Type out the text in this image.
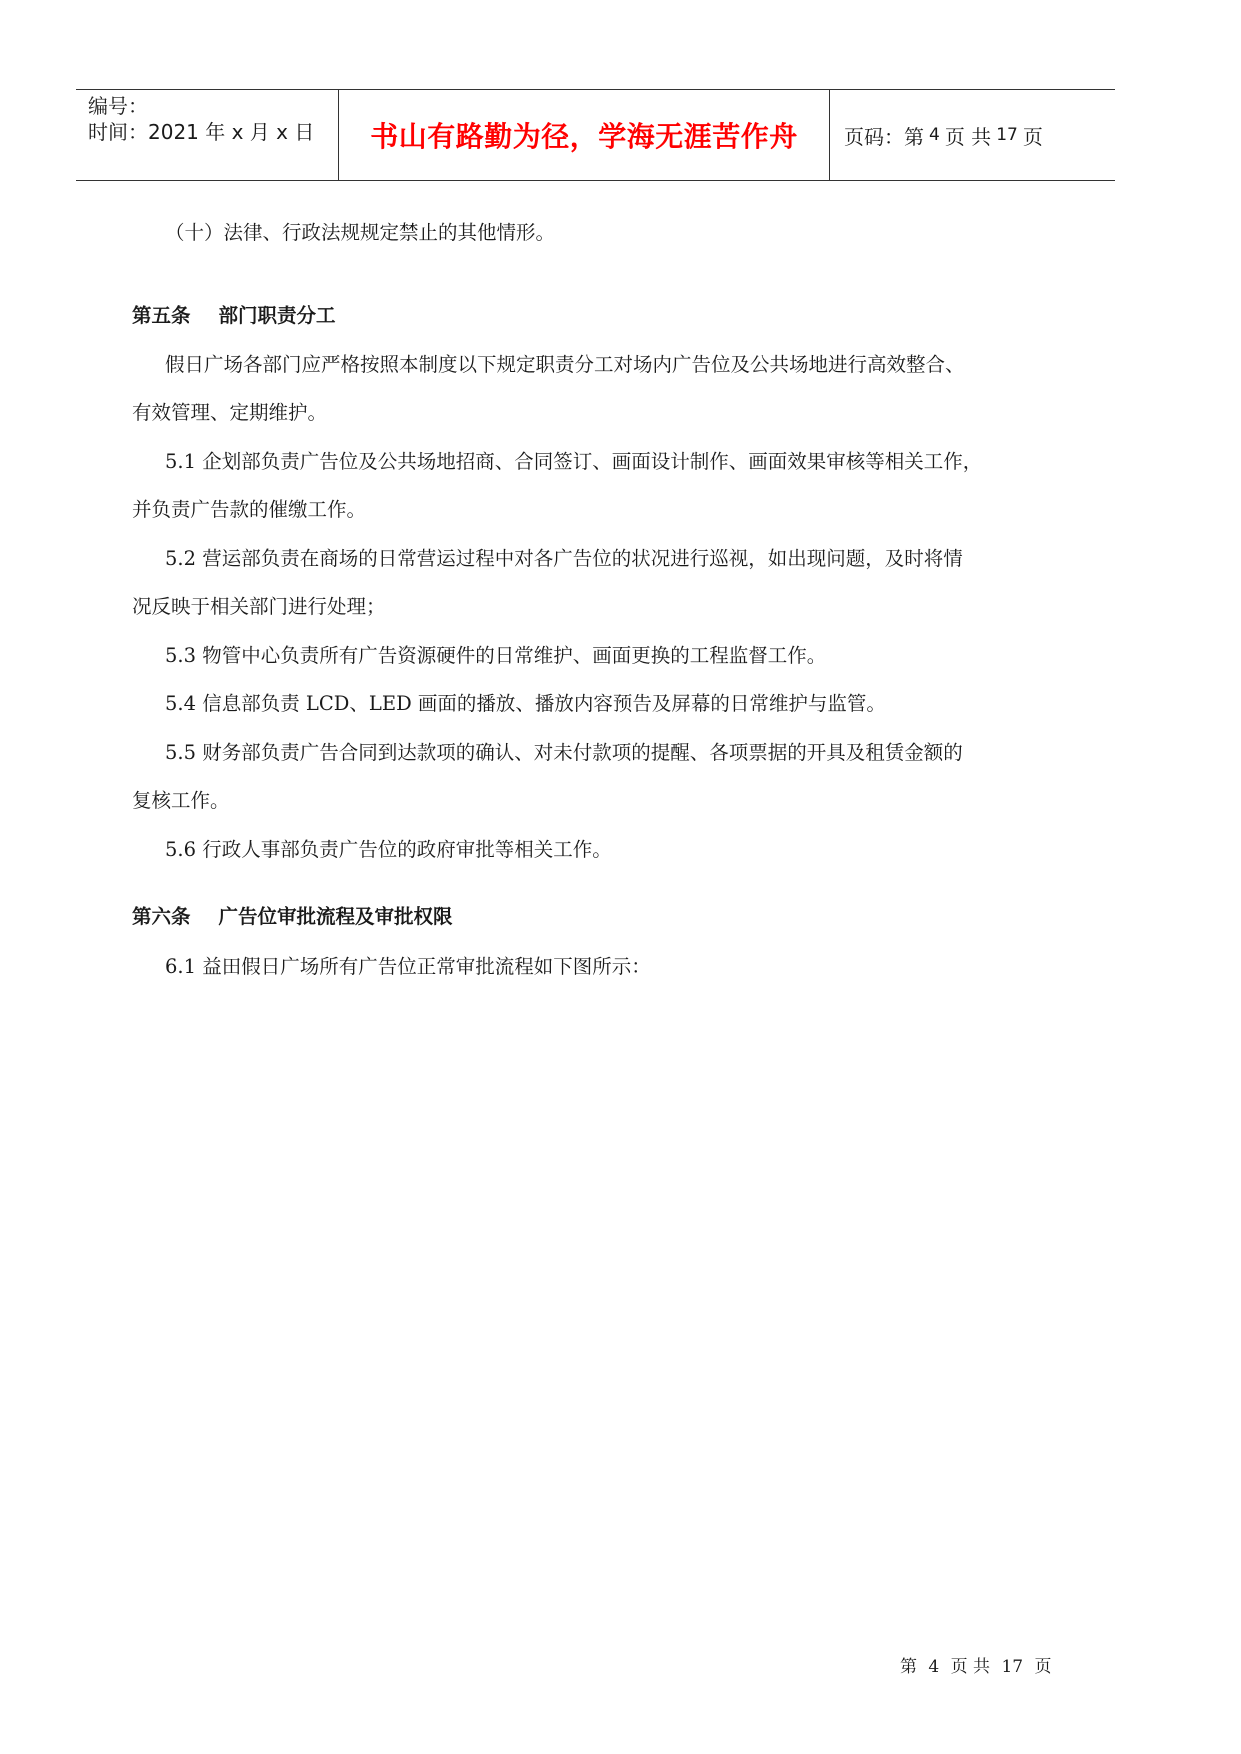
编号：
时间：2021 年 x 月 x 日	书山有路勤为径，学海无涯苦作舟	页码：第 4 页 共 17 页
（十）法律、行政法规规定禁止的其他情形。
第五条 部门职责分工
假日广场各部门应严格按照本制度以下规定职责分工对场内广告位及公共场地进行高效整合、
有效管理、定期维护。
5.1 企划部负责广告位及公共场地招商、合同签订、画面设计制作、画面效果审核等相关工作，
并负责广告款的催缴工作。
5.2 营运部负责在商场的日常营运过程中对各广告位的状况进行巡视，如出现问题，及时将情
况反映于相关部门进行处理；
5.3 物管中心负责所有广告资源硬件的日常维护、画面更换的工程监督工作。
5.4 信息部负责 LCD、LED 画面的播放、播放内容预告及屏幕的日常维护与监管。
5.5 财务部负责广告合同到达款项的确认、对未付款项的提醒、各项票据的开具及租赁金额的
复核工作。
5.6 行政人事部负责广告位的政府审批等相关工作。
第六条 广告位审批流程及审批权限
6.1 益田假日广场所有广告位正常审批流程如下图所示：
第 4 页 共 17 页
